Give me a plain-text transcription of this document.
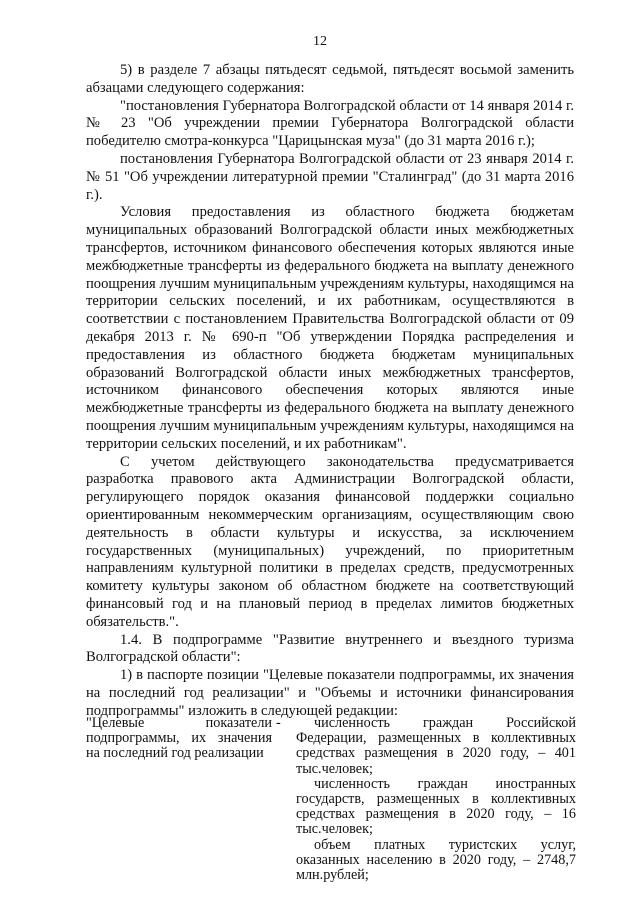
12

5) в разделе 7 абзацы пятьдесят седьмой, пятьдесят восьмой заменить абзацами следующего содержания:

"постановления Губернатора Волгоградской области от 14 января 2014 г. № 23 "Об учреждении премии Губернатора Волгоградской области победителю смотра-конкурса "Царицынская муза" (до 31 марта 2016 г.);

постановления Губернатора Волгоградской области от 23 января 2014 г. № 51 "Об учреждении литературной премии "Сталинград" (до 31 марта 2016 г.).

Условия предоставления из областного бюджета бюджетам муниципальных образований Волгоградской области иных межбюджетных трансфертов, источником финансового обеспечения которых являются иные межбюджетные трансферты из федерального бюджета на выплату денежного поощрения лучшим муниципальным учреждениям культуры, находящимся на территории сельских поселений, и их работникам, осуществляются в соответствии с постановлением Правительства Волгоградской области от 09 декабря 2013 г. № 690-п "Об утверждении Порядка распределения и предоставления из областного бюджета бюджетам муниципальных образований Волгоградской области иных межбюджетных трансфертов, источником финансового обеспечения которых являются иные межбюджетные трансферты из федерального бюджета на выплату денежного поощрения лучшим муниципальным учреждениям культуры, находящимся на территории сельских поселений, и их работникам".

С учетом действующего законодательства предусматривается разработка правового акта Администрации Волгоградской области, регулирующего порядок оказания финансовой поддержки социально ориентированным некоммерческим организациям, осуществляющим свою деятельность в области культуры и искусства, за исключением государственных (муниципальных) учреждений, по приоритетным направлениям культурной политики в пределах средств, предусмотренных комитету культуры законом об областном бюджете на соответствующий финансовый год и на плановый период в пределах лимитов бюджетных обязательств.".

1.4. В подпрограмме "Развитие внутреннего и въездного туризма Волгоградской области":

1) в паспорте позиции "Целевые показатели подпрограммы, их значения на последний год реализации" и "Объемы и источники финансирования подпрограммы" изложить в следующей редакции:

"Целевые показатели подпрограммы, их значения на последний год реализации
-	численность граждан Российской Федерации, размещенных в коллективных средствах размещения в 2020 году, – 401 тыс.человек;

численность граждан иностранных государств, размещенных в коллективных средствах размещения в 2020 году, – 16 тыс.человек;

объем платных туристских услуг, оказанных населению в 2020 году, – 2748,7 млн.рублей;
